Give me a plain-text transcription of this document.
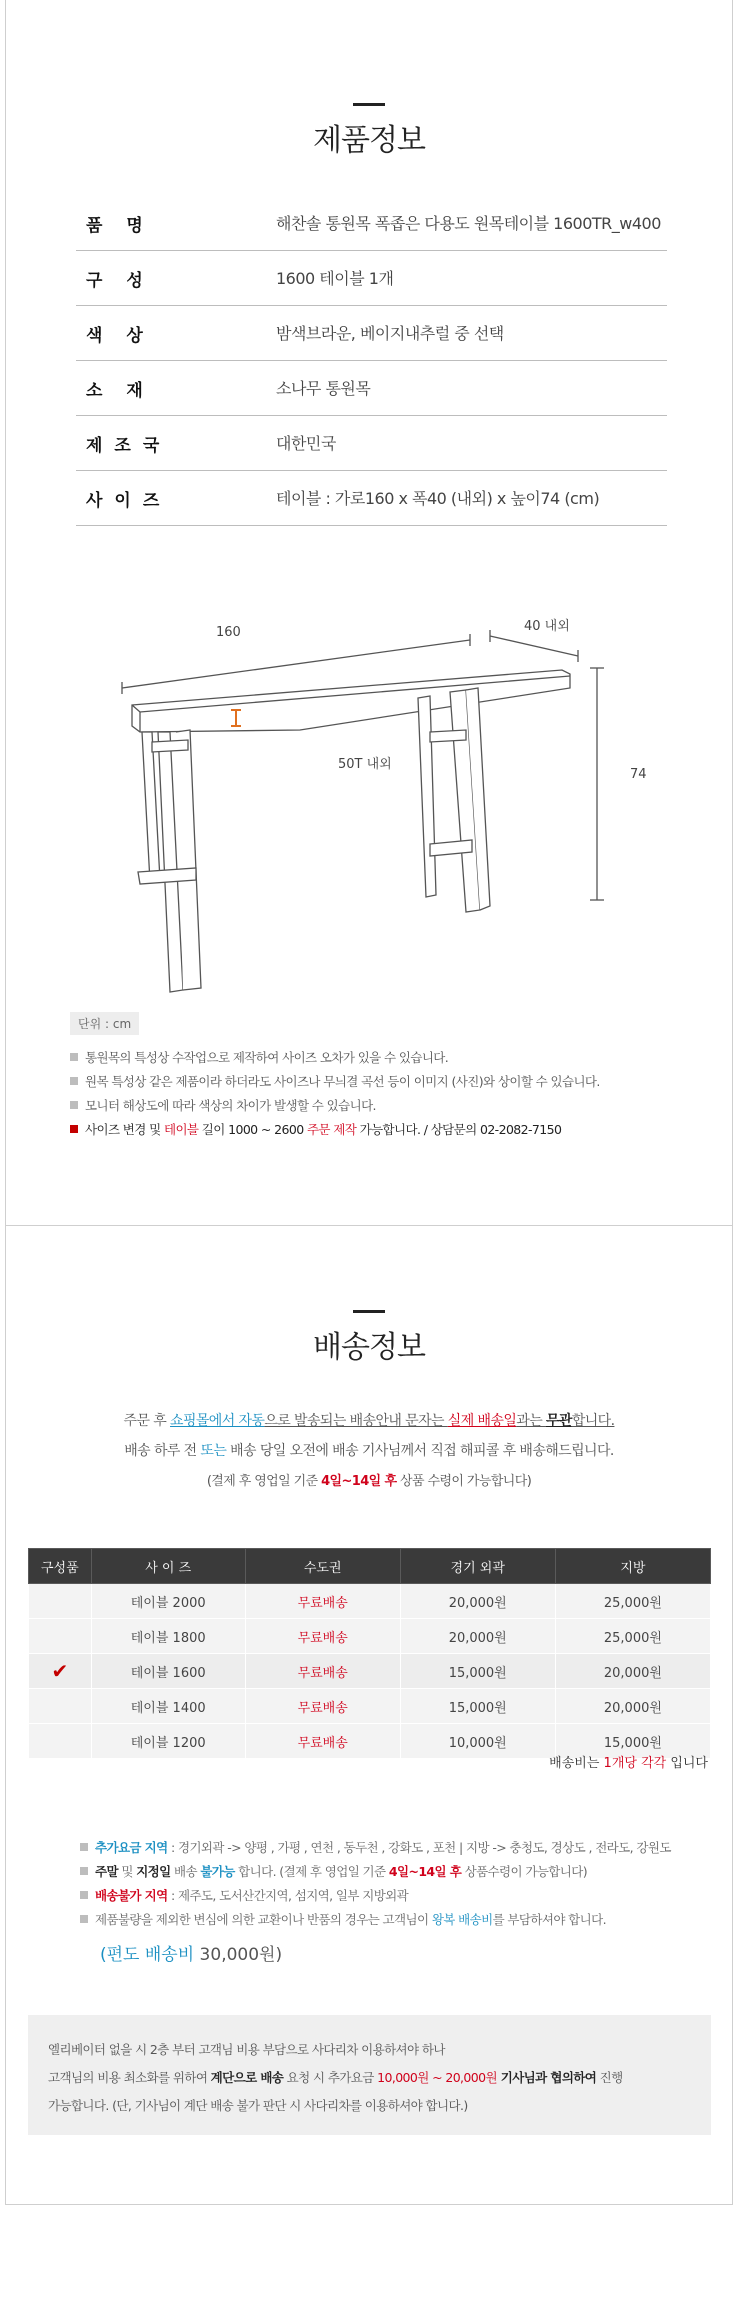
제품정보
품명	해찬솔 통원목 폭좁은 다용도 원목테이블 1600TR_w400
구성	1600 테이블 1개
색상	밤색브라운, 베이지내추럴 중 선택
소재	소나무 통원목
제조국	대한민국
사이즈	테이블 : 가로160 x 폭40 (내외) x 높이74 (cm)
160	40 내외
74
50T 내외
단위 : cm
통원목의 특성상 수작업으로 제작하여 사이즈 오차가 있을 수 있습니다.
원목 특성상 같은 제품이라 하더라도 사이즈나 무늬결 곡선 등이 이미지 (사진)와 상이할 수 있습니다.
모니터 해상도에 따라 색상의 차이가 발생할 수 있습니다.
사이즈 변경 및 테이블 길이 1000 ~ 2600 주문 제작 가능합니다. / 상담문의 02-2082-7150
배송정보
주문 후 쇼핑몰에서 자동으로 발송되는 배송안내 문자는 실제 배송일과는 무관합니다.
배송 하루 전 또는 배송 당일 오전에 배송 기사님께서 직접 해피콜 후 배송해드립니다.
(결제 후 영업일 기준 4일~14일 후 상품 수령이 가능합니다)
구성품	사 이 즈	수도권	경기 외곽	지방
	테이블 2000	무료배송	20,000원	25,000원
	테이블 1800	무료배송	20,000원	25,000원
✔	테이블 1600	무료배송	15,000원	20,000원
	테이블 1400	무료배송	15,000원	20,000원
	테이블 1200	무료배송	10,000원	15,000원
배송비는 1개당 각각 입니다
추가요금 지역 : 경기외곽 -> 양평 , 가평 , 연천 , 동두천 , 강화도 , 포천 | 지방 -> 충청도, 경상도 , 전라도, 강원도
주말 및 지정일 배송 불가능 합니다. (결제 후 영업일 기준 4일~14일 후 상품수령이 가능합니다)
배송불가 지역 : 제주도, 도서산간지역, 섬지역, 일부 지방외곽
제품불량을 제외한 변심에 의한 교환이나 반품의 경우는 고객님이 왕복 배송비를 부담하셔야 합니다.
(편도 배송비 30,000원)
엘리베이터 없을 시 2층 부터 고객님 비용 부담으로 사다리차 이용하셔야 하나
고객님의 비용 최소화를 위하여 계단으로 배송 요청 시 추가요금 10,000원 ~ 20,000원 기사님과 협의하여 진행
가능합니다. (단, 기사님이 계단 배송 불가 판단 시 사다리차를 이용하셔야 합니다.)
